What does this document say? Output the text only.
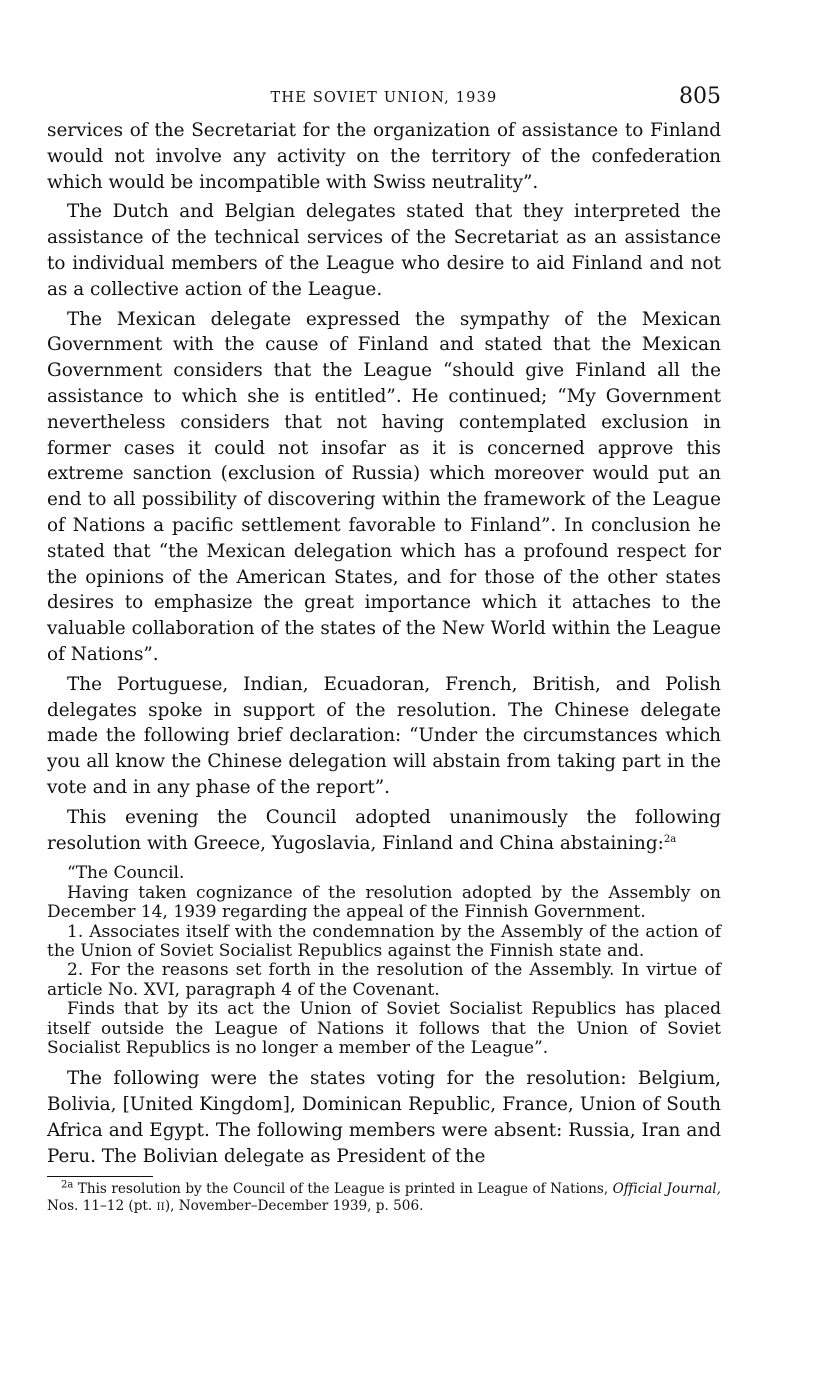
THE SOVIET UNION, 1939	805

services of the Secretariat for the organization of assistance to Finland would not involve any activity on the territory of the confederation which would be incompatible with Swiss neutrality”.

The Dutch and Belgian delegates stated that they interpreted the assistance of the technical services of the Secretariat as an assistance to individual members of the League who desire to aid Finland and not as a collective action of the League.

The Mexican delegate expressed the sympathy of the Mexican Government with the cause of Finland and stated that the Mexican Government considers that the League “should give Finland all the assistance to which she is entitled”. He continued; “My Government nevertheless considers that not having contemplated exclusion in former cases it could not insofar as it is concerned approve this extreme sanction (exclusion of Russia) which moreover would put an end to all possibility of discovering within the framework of the League of Nations a pacific settlement favorable to Finland”. In conclusion he stated that “the Mexican delegation which has a profound respect for the opinions of the American States, and for those of the other states desires to emphasize the great importance which it attaches to the valuable collaboration of the states of the New World within the League of Nations”.

The Portuguese, Indian, Ecuadoran, French, British, and Polish delegates spoke in support of the resolution. The Chinese delegate made the following brief declaration: “Under the circumstances which you all know the Chinese delegation will abstain from taking part in the vote and in any phase of the report”.

This evening the Council adopted unanimously the following resolution with Greece, Yugoslavia, Finland and China abstaining:$^{2a}$

“The Council.

Having taken cognizance of the resolution adopted by the Assembly on December 14, 1939 regarding the appeal of the Finnish Government.

1. Associates itself with the condemnation by the Assembly of the action of the Union of Soviet Socialist Republics against the Finnish state and.

2. For the reasons set forth in the resolution of the Assembly. In virtue of article No. XVI, paragraph 4 of the Covenant.

Finds that by its act the Union of Soviet Socialist Republics has placed itself outside the League of Nations it follows that the Union of Soviet Socialist Republics is no longer a member of the League”.

The following were the states voting for the resolution: Belgium, Bolivia, [United Kingdom], Dominican Republic, France, Union of South Africa and Egypt. The following members were absent: Russia, Iran and Peru. The Bolivian delegate as President of the

$^{2a}$ This resolution by the Council of the League is printed in League of Nations, Official Journal, Nos. 11–12 (pt. II), November–December 1939, p. 506.
